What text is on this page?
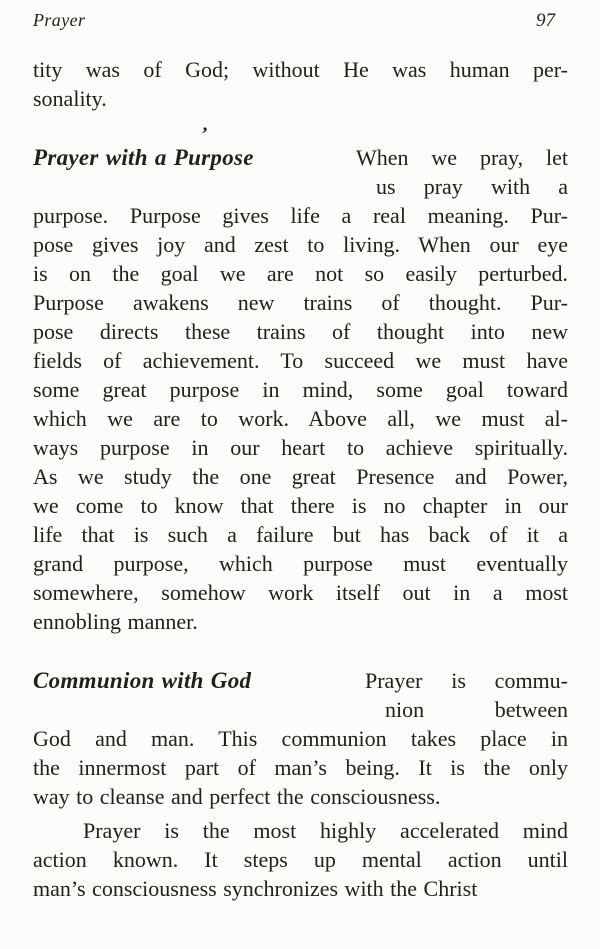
Prayer	97
tity was of God; without He was human per-
sonality.
’
Prayer with a Purpose	When we pray, let
us pray with a
purpose. Purpose gives life a real meaning. Pur-
pose gives joy and zest to living. When our eye
is on the goal we are not so easily perturbed.
Purpose awakens new trains of thought. Pur-
pose directs these trains of thought into new
fields of achievement. To succeed we must have
some great purpose in mind, some goal toward
which we are to work. Above all, we must al-
ways purpose in our heart to achieve spiritually.
As we study the one great Presence and Power,
we come to know that there is no chapter in our
life that is such a failure but has back of it a
grand purpose, which purpose must eventually
somewhere, somehow work itself out in a most
ennobling manner.
Communion with God	Prayer is commu-
nion between
God and man. This communion takes place in
the innermost part of man’s being. It is the only
way to cleanse and perfect the consciousness.
Prayer is the most highly accelerated mind
action known. It steps up mental action until
man’s consciousness synchronizes with the Christ
